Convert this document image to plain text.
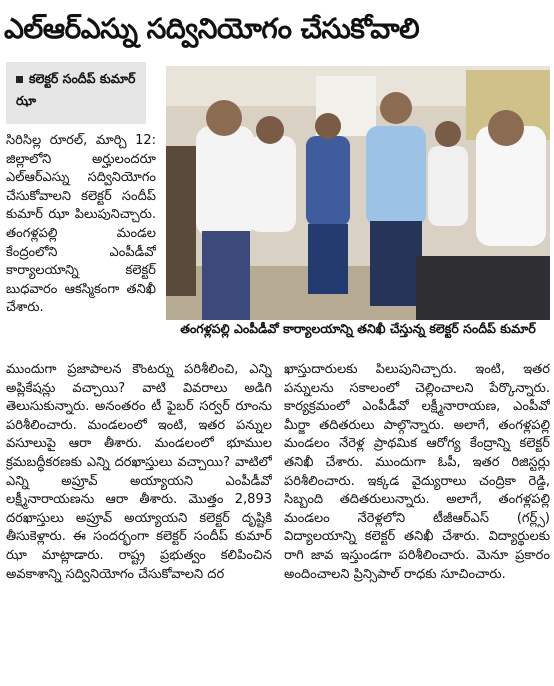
ఎల్ఆర్ఎస్ను సద్వినియోగం చేసుకోవాలి
కలెక్టర్ సందీప్ కుమార్ ఝా
తంగళ్లపల్లి ఎంపీడీవో కార్యాలయాన్ని తనిఖీ చేస్తున్న కలెక్టర్ సందీప్ కుమార్

సిరిసిల్ల రూరల్, మార్చి 12: జిల్లాలోని అర్హులందరూ ఎల్ఆర్ఎస్ను సద్వినియోగం చేసుకోవాలని కలెక్టర్ సందీప్ కుమార్ ఝా పిలుపునిచ్చారు. తంగళ్లపల్లి మండల కేంద్రంలోని ఎంపీడీవో కార్యాలయాన్ని కలెక్టర్ బుధవారం ఆకస్మికంగా తనిఖీ చేశారు.

ముందుగా ప్రజాపాలన కౌంటర్ను పరిశీలించి, ఎన్ని అప్లికేషన్లు వచ్చాయి? వాటి వివరాలు అడిగి తెలుసుకున్నారు. అనంతరం టీ ఫైబర్ సర్వర్ రూంను పరిశీలించారు. మండలంలో ఇంటి, ఇతర పన్నుల వసూలుపై ఆరా తీశారు. మండలంలో భూముల క్రమబద్ధీకరణకు ఎన్ని దరఖాస్తులు వచ్చాయి? వాటిలో ఎన్ని అప్రూవ్ అయ్యాయని ఎంపీడీవో లక్ష్మీనారాయణను ఆరా తీశారు. మొత్తం 2,893 దరఖాస్తులు అప్రూవ్ అయ్యాయని కలెక్టర్ దృష్టికి తీసుకెళ్లారు. ఈ సందర్భంగా కలెక్టర్ సందీప్ కుమార్ ఝా మాట్లాడారు. రాష్ట్ర ప్రభుత్వం కలిపించిన అవకాశాన్ని సద్వినియోగం చేసుకోవాలని దర

ఖాస్తుదారులకు పిలుపునిచ్చారు. ఇంటి, ఇతర పన్నులను సకాలంలో చెల్లించాలని పేర్కొన్నారు. కార్యక్రమంలో ఎంపీడీవో లక్ష్మీనారాయణ, ఎంపీవో మీర్జా తదితరులు పాల్గొన్నారు. అలాగే, తంగళ్లపల్లి మండలం నేరెళ్ల ప్రాథమిక ఆరోగ్య కేంద్రాన్ని కలెక్టర్ తనిఖీ చేశారు. ముందుగా ఓపీ, ఇతర రిజిస్టర్లు పరిశీలించారు. ఇక్కడ వైద్యురాలు చంద్రికా రెడ్డి, సిబ్బంది తదితరులున్నారు. అలాగే, తంగళ్లపల్లి మండలం నేరెళ్లలోని టీజీఆర్ఎస్ (గర్ల్స్) విద్యాలయాన్ని కలెక్టర్ తనిఖీ చేశారు. విద్యార్థులకు రాగి జావ ఇస్తుండగా పరిశీలించారు. మెనూ ప్రకారం అందించాలని ప్రిన్సిపాల్ రాధకు సూచించారు.
